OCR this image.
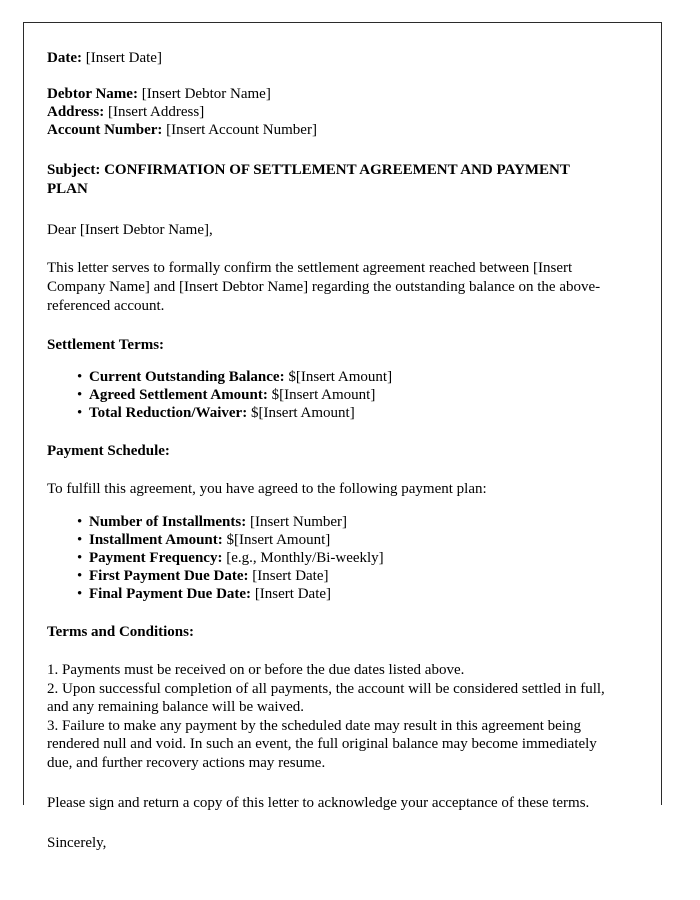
Date: [Insert Date]

Debtor Name: [Insert Debtor Name]

Address: [Insert Address]

Account Number: [Insert Account Number]

Subject: CONFIRMATION OF SETTLEMENT AGREEMENT AND PAYMENT PLAN

Dear [Insert Debtor Name],

This letter serves to formally confirm the settlement agreement reached between [Insert Company Name] and [Insert Debtor Name] regarding the outstanding balance on the above-referenced account.

Settlement Terms:

• Current Outstanding Balance: $[Insert Amount]
• Agreed Settlement Amount: $[Insert Amount]
• Total Reduction/Waiver: $[Insert Amount]

Payment Schedule:

To fulfill this agreement, you have agreed to the following payment plan:

• Number of Installments: [Insert Number]
• Installment Amount: $[Insert Amount]
• Payment Frequency: [e.g., Monthly/Bi-weekly]
• First Payment Due Date: [Insert Date]
• Final Payment Due Date: [Insert Date]

Terms and Conditions:

1. Payments must be received on or before the due dates listed above.

2. Upon successful completion of all payments, the account will be considered settled in full, and any remaining balance will be waived.

3. Failure to make any payment by the scheduled date may result in this agreement being rendered null and void. In such an event, the full original balance may become immediately due, and further recovery actions may resume.

Please sign and return a copy of this letter to acknowledge your acceptance of these terms.

Sincerely,
